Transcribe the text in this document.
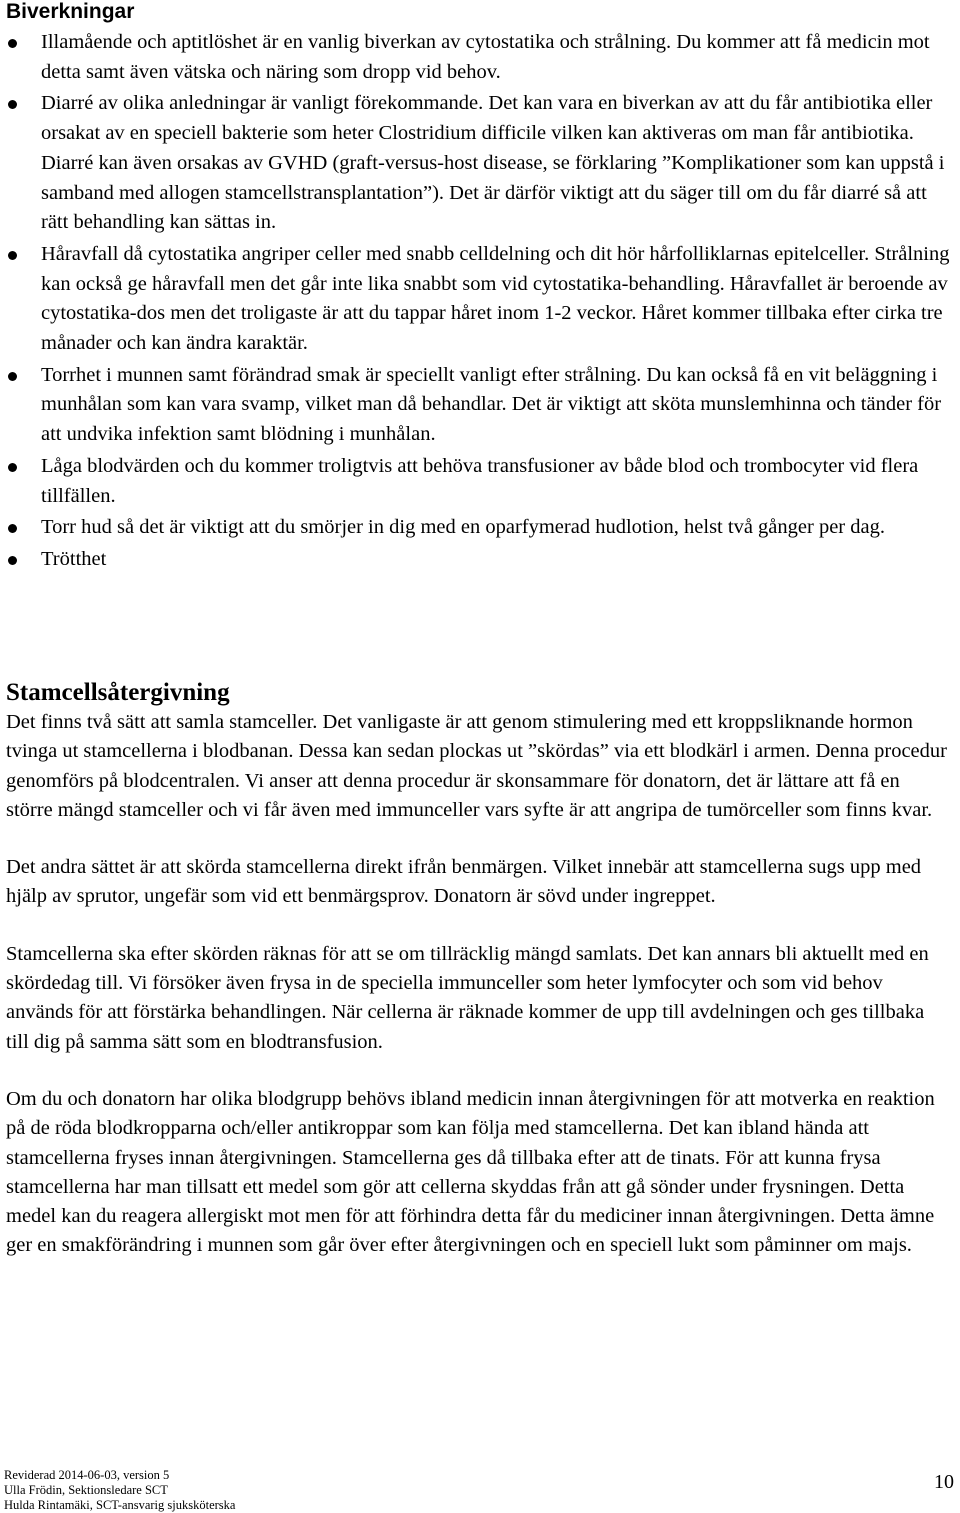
Biverkningar
Illamående och aptitlöshet är en vanlig biverkan av cytostatika och strålning. Du kommer att få medicin mot detta samt även vätska och näring som dropp vid behov.
Diarré av olika anledningar är vanligt förekommande. Det kan vara en biverkan av att du får antibiotika eller orsakat av en speciell bakterie som heter Clostridium difficile vilken kan aktiveras om man får antibiotika. Diarré kan även orsakas av GVHD (graft-versus-host disease, se förklaring ”Komplikationer som kan uppstå i samband med allogen stamcellstransplantation”). Det är därför viktigt att du säger till om du får diarré så att rätt behandling kan sättas in.
Håravfall då cytostatika angriper celler med snabb celldelning och dit hör hårfolliklarnas epitelceller. Strålning kan också ge håravfall men det går inte lika snabbt som vid cytostatika-behandling. Håravfallet är beroende av cytostatika-dos men det troligaste är att du tappar håret inom 1-2 veckor. Håret kommer tillbaka efter cirka tre månader och kan ändra karaktär.
Torrhet i munnen samt förändrad smak är speciellt vanligt efter strålning. Du kan också få en vit beläggning i munhålan som kan vara svamp, vilket man då behandlar. Det är viktigt att sköta munslemhinna och tänder för att undvika infektion samt blödning i munhålan.
Låga blodvärden och du kommer troligtvis att behöva transfusioner av både blod och trombocyter vid flera tillfällen.
Torr hud så det är viktigt att du smörjer in dig med en oparfymerad hudlotion, helst två gånger per dag.
Trötthet
Stamcellsåtergivning

Det finns två sätt att samla stamceller. Det vanligaste är att genom stimulering med ett kroppsliknande hormon tvinga ut stamcellerna i blodbanan. Dessa kan sedan plockas ut ”skördas” via ett blodkärl i armen. Denna procedur genomförs på blodcentralen. Vi anser att denna procedur är skonsammare för donatorn, det är lättare att få en större mängd stamceller och vi får även med immunceller vars syfte är att angripa de tumörceller som finns kvar.

Det andra sättet är att skörda stamcellerna direkt ifrån benmärgen. Vilket innebär att stamcellerna sugs upp med hjälp av sprutor, ungefär som vid ett benmärgsprov. Donatorn är sövd under ingreppet.

Stamcellerna ska efter skörden räknas för att se om tillräcklig mängd samlats. Det kan annars bli aktuellt med en skördedag till. Vi försöker även frysa in de speciella immunceller som heter lymfocyter och som vid behov används för att förstärka behandlingen. När cellerna är räknade kommer de upp till avdelningen och ges tillbaka till dig på samma sätt som en blodtransfusion.

Om du och donatorn har olika blodgrupp behövs ibland medicin innan återgivningen för att motverka en reaktion på de röda blodkropparna och/eller antikroppar som kan följa med stamcellerna. Det kan ibland hända att stamcellerna fryses innan återgivningen. Stamcellerna ges då tillbaka efter att de tinats. För att kunna frysa stamcellerna har man tillsatt ett medel som gör att cellerna skyddas från att gå sönder under frysningen. Detta medel kan du reagera allergiskt mot men för att förhindra detta får du mediciner innan återgivningen. Detta ämne ger en smakförändring i munnen som går över efter återgivningen och en speciell lukt som påminner om majs.

Reviderad 2014-06-03, version 5
Ulla Frödin, Sektionsledare SCT
Hulda Rintamäki, SCT-ansvarig sjuksköterska
10
